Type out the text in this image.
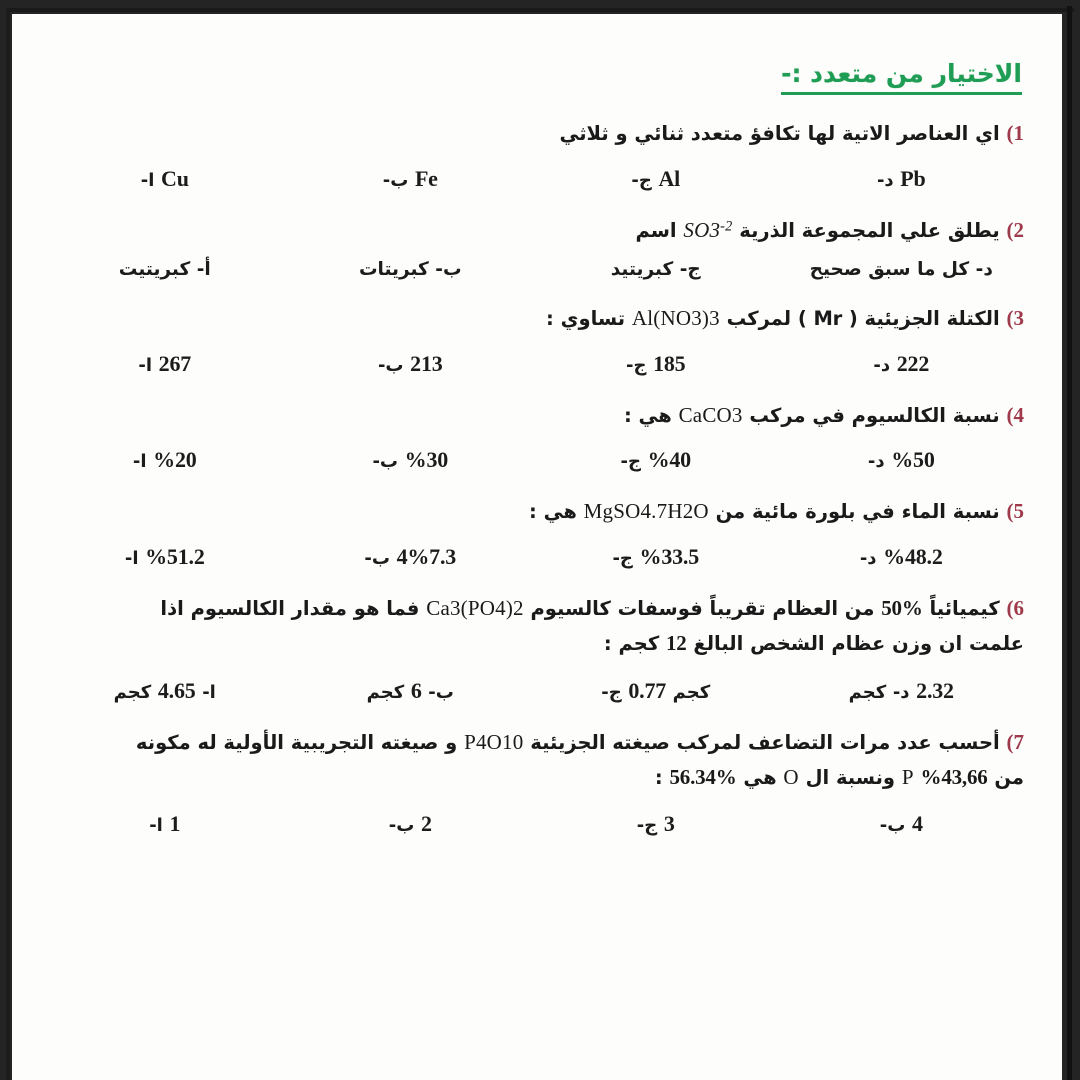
الاختيار من متعدد :-
1) اي العناصر الاتية لها تكافؤ متعدد ثنائي و ثلاثي
Pb د-
Al ج-
Fe ب-
Cu ا-
2) يطلق علي المجموعة الذرية $SO3^{-2}$ اسم
د- كل ما سبق صحيح
ج- كبريتيد
ب- كبريتات
أ- كبريتيت
3) الكتلة الجزيئية ( Mr ) لمركب Al(NO3)3 تساوي :
222 د-
185 ج-
213 ب-
267 ا-
4) نسبة الكالسيوم في مركب CaCO3 هي :
%50 د-
%40 ج-
%30 ب-
%20 ا-
5) نسبة الماء في بلورة مائية من MgSO4.7H2O هي :
%48.2 د-
%33.5 ج-
4%7.3 ب-
%51.2 ا-
6) كيميائياً 50% من العظام تقريباً فوسفات كالسيوم Ca3(PO4)2 فما هو مقدار الكالسيوم اذا
علمت ان وزن عظام الشخص البالغ 12 كجم :
2.32 د- كجم
كجم 0.77 ج-
ب- 6 كجم
ا- 4.65 كجم
7) أحسب عدد مرات التضاعف لمركب صيغته الجزيئية P4O10 و صيغته التجريبية الأولية له مكونه
من %43,66 P ونسبة ال O هي 56.34% :
4 ب-
3 ج-
2 ب-
1 ا-
